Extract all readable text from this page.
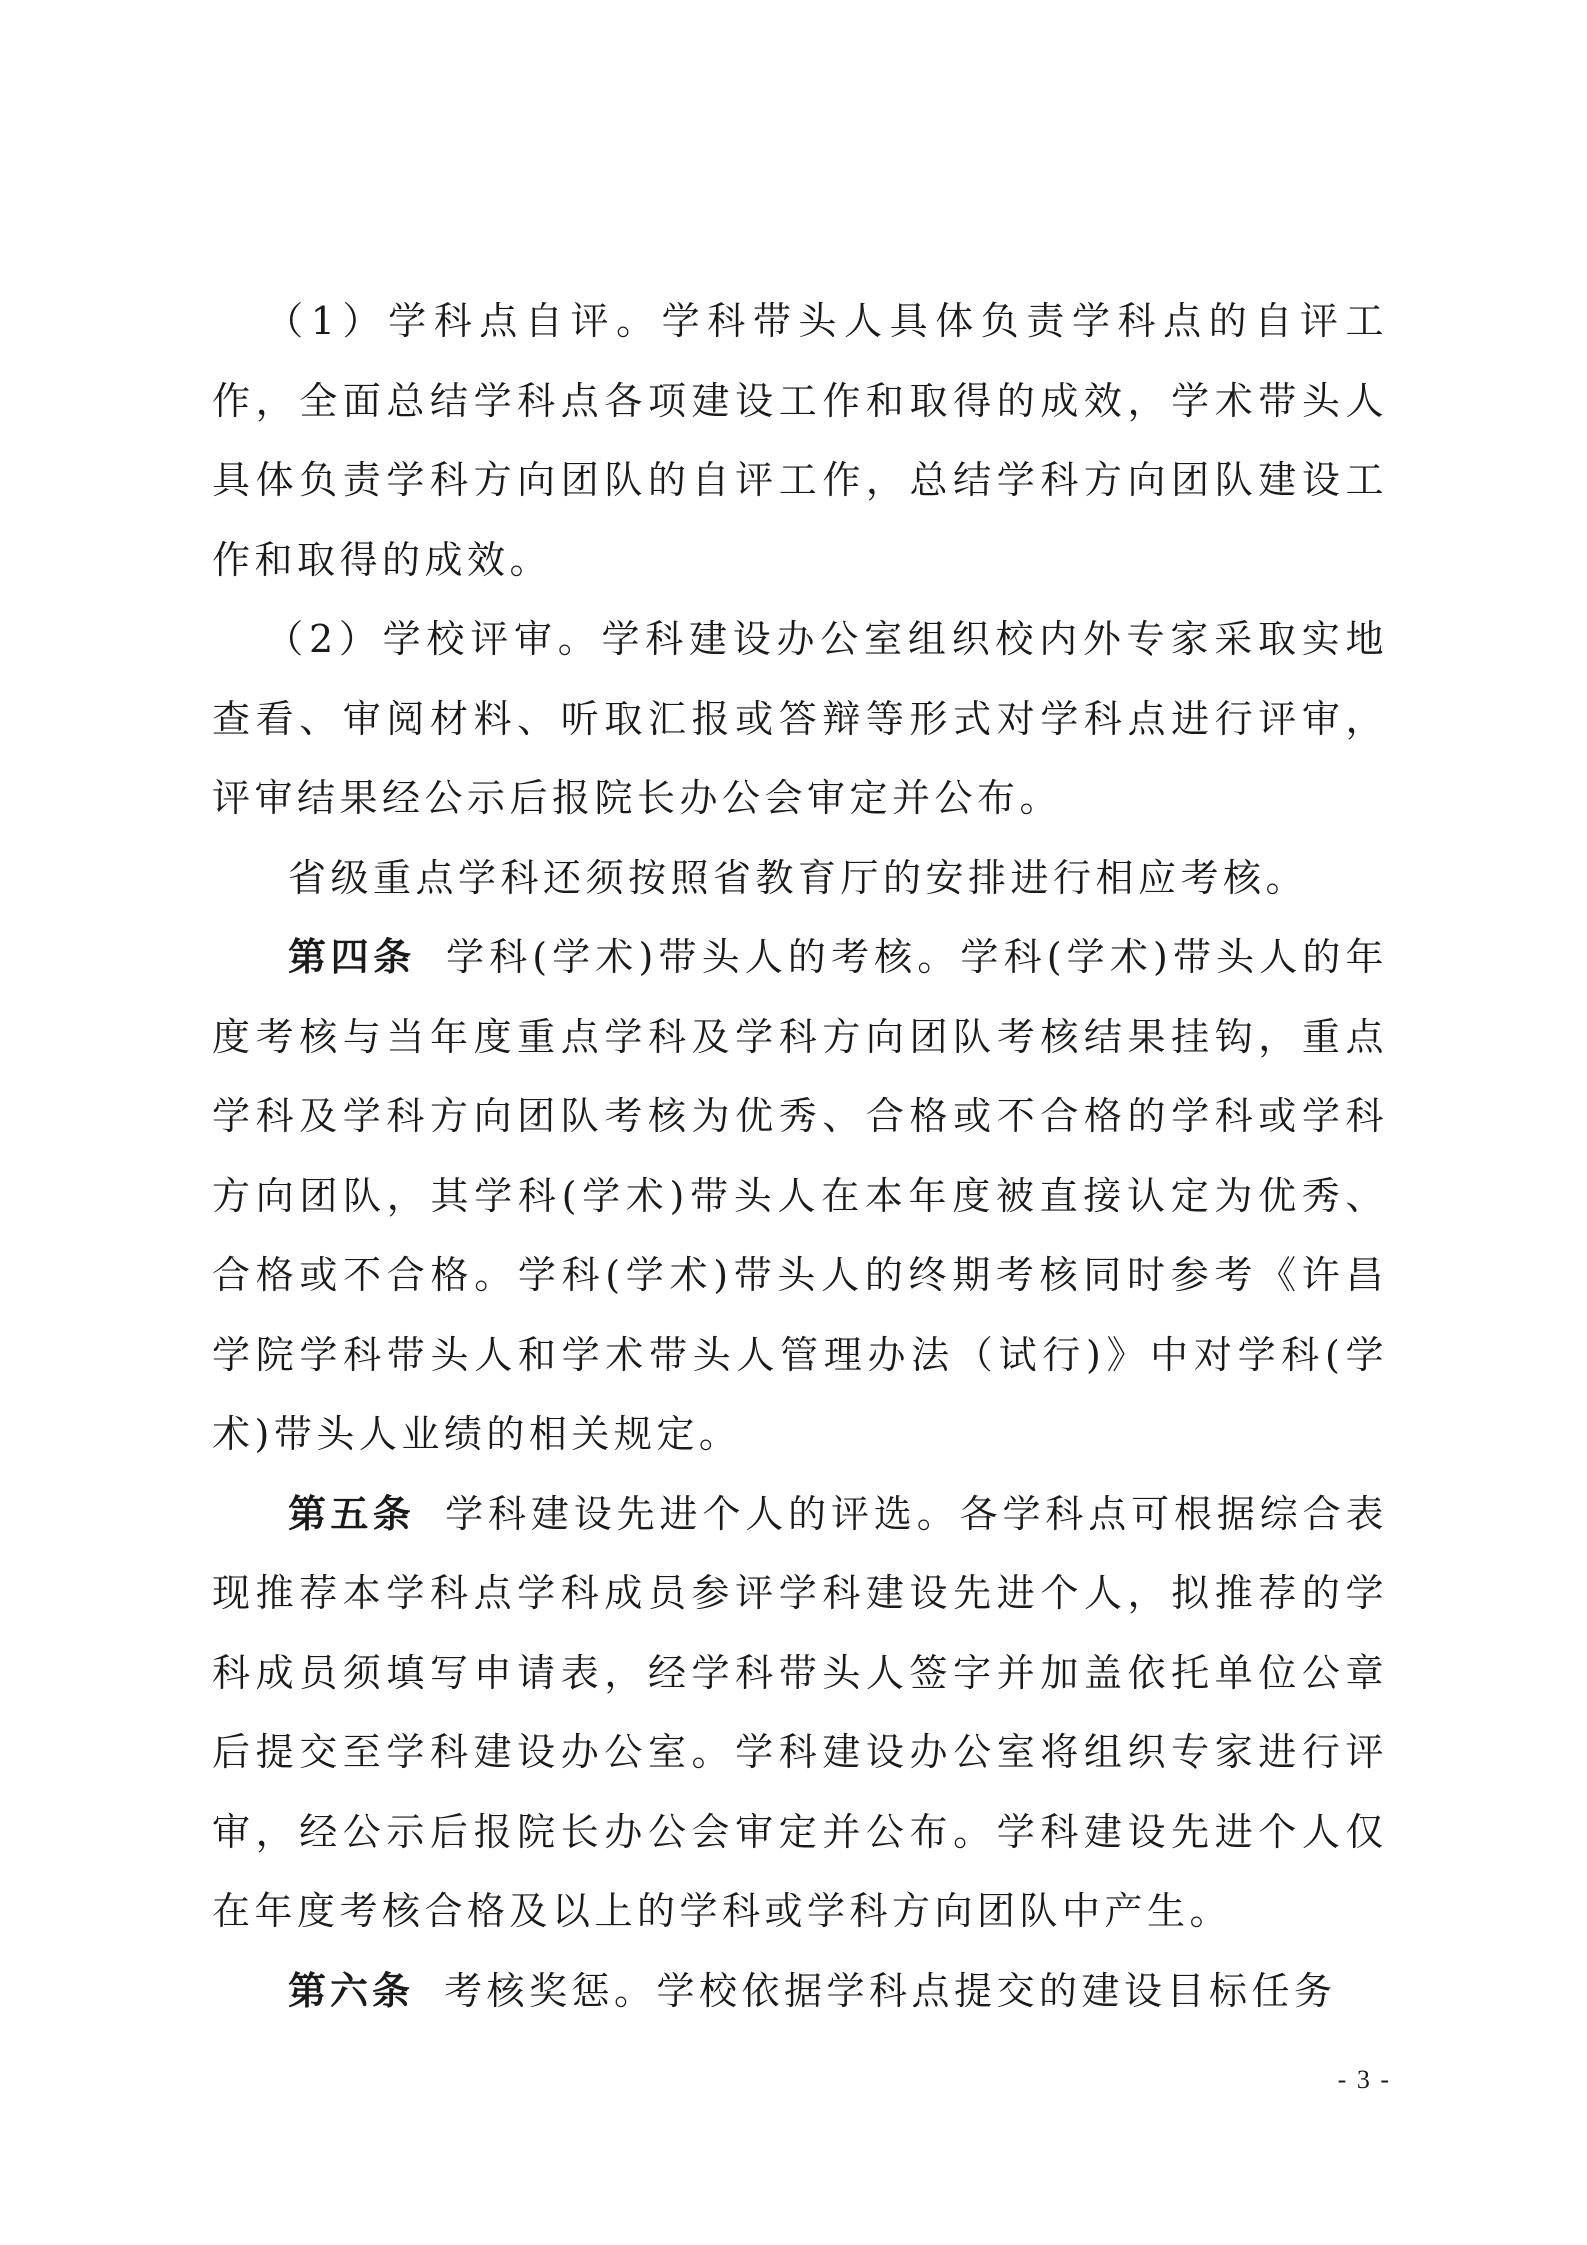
（1）学科点自评。学科带头人具体负责学科点的自评工作，全面总结学科点各项建设工作和取得的成效，学术带头人具体负责学科方向团队的自评工作，总结学科方向团队建设工作和取得的成效。

（2）学校评审。学科建设办公室组织校内外专家采取实地查看、审阅材料、听取汇报或答辩等形式对学科点进行评审，评审结果经公示后报院长办公会审定并公布。

省级重点学科还须按照省教育厅的安排进行相应考核。

第四条 学科(学术)带头人的考核。学科(学术)带头人的年度考核与当年度重点学科及学科方向团队考核结果挂钩，重点学科及学科方向团队考核为优秀、合格或不合格的学科或学科方向团队，其学科(学术)带头人在本年度被直接认定为优秀、合格或不合格。学科(学术)带头人的终期考核同时参考《许昌学院学科带头人和学术带头人管理办法（试行)》中对学科(学术)带头人业绩的相关规定。

第五条 学科建设先进个人的评选。各学科点可根据综合表现推荐本学科点学科成员参评学科建设先进个人，拟推荐的学科成员须填写申请表，经学科带头人签字并加盖依托单位公章后提交至学科建设办公室。学科建设办公室将组织专家进行评审，经公示后报院长办公会审定并公布。学科建设先进个人仅在年度考核合格及以上的学科或学科方向团队中产生。

第六条 考核奖惩。学校依据学科点提交的建设目标任务

- 3 -
